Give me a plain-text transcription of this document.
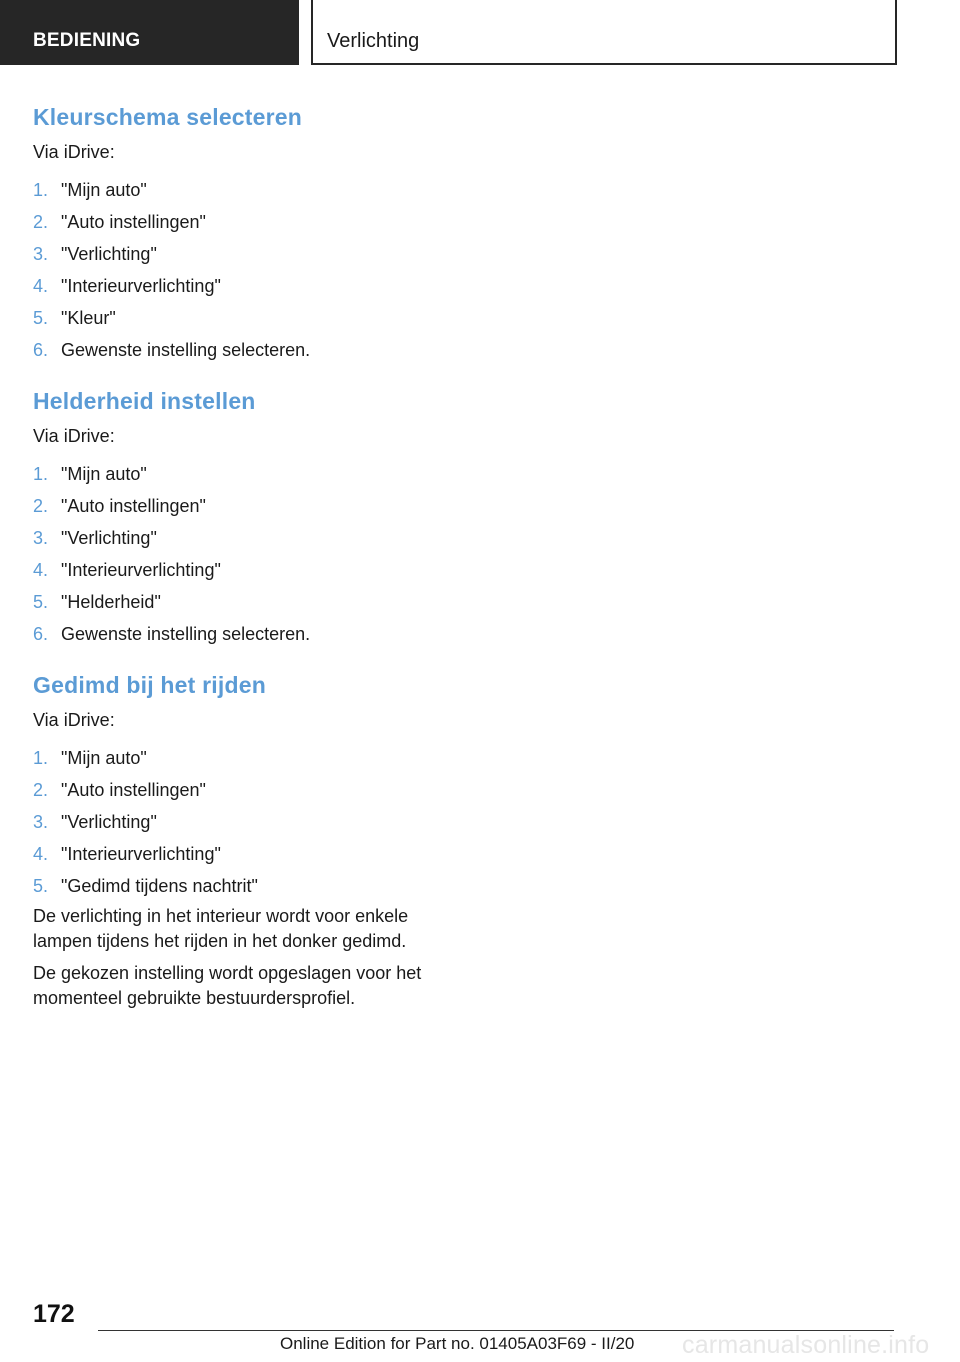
BEDIENING	Verlichting
Kleurschema selecteren
Via iDrive:
1. "Mijn auto"
2. "Auto instellingen"
3. "Verlichting"
4. "Interieurverlichting"
5. "Kleur"
6. Gewenste instelling selecteren.
Helderheid instellen
Via iDrive:
1. "Mijn auto"
2. "Auto instellingen"
3. "Verlichting"
4. "Interieurverlichting"
5. "Helderheid"
6. Gewenste instelling selecteren.
Gedimd bij het rijden
Via iDrive:
1. "Mijn auto"
2. "Auto instellingen"
3. "Verlichting"
4. "Interieurverlichting"
5. "Gedimd tijdens nachtrit"
De verlichting in het interieur wordt voor enkele lampen tijdens het rijden in het donker gedimd.
De gekozen instelling wordt opgeslagen voor het momenteel gebruikte bestuurdersprofiel.
172
Online Edition for Part no. 01405A03F69 - II/20 carmanualsonline.info
